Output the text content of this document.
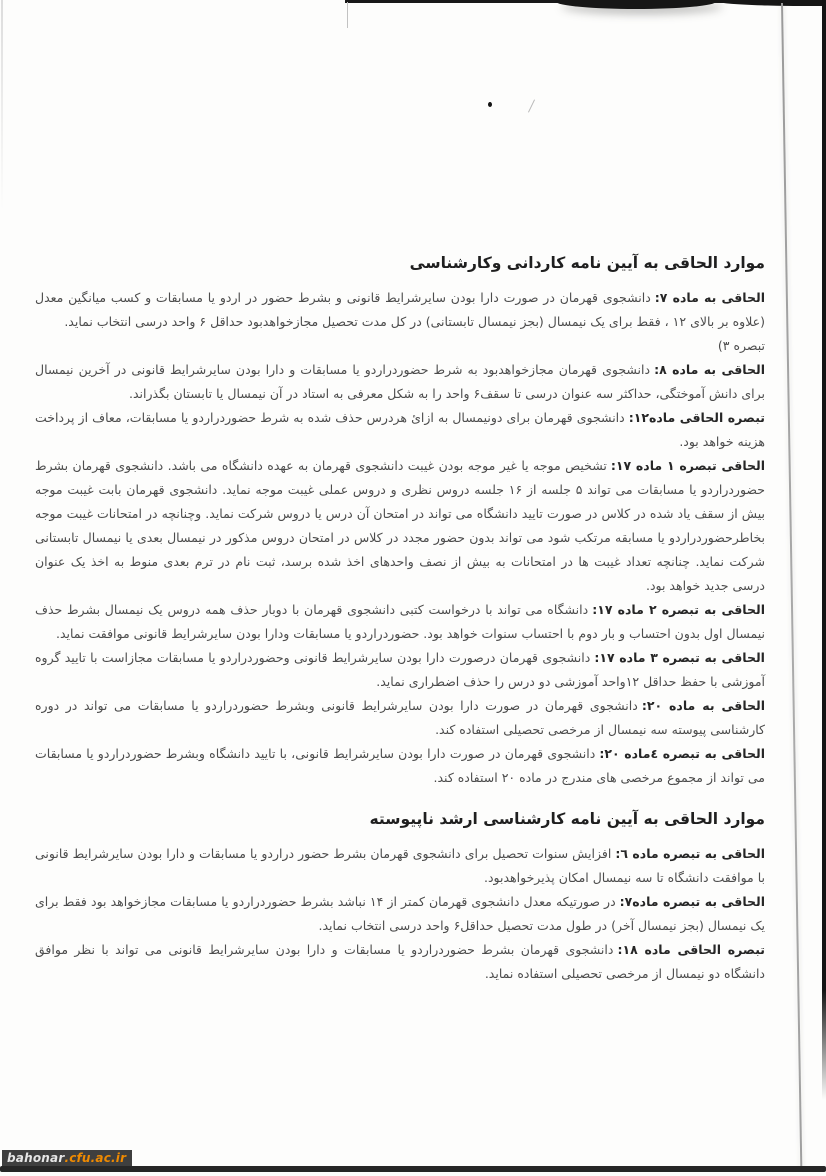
موارد الحاقی به آیین نامه کاردانی وکارشناسی

الحاقی به ماده ۷:دانشجوی قهرمان در صورت دارا بودن سایرشرایط قانونی و بشرط حضور در اردو یا مسابقات و کسب میانگین معدل (علاوه بر بالای ۱۲ ، فقط برای یک نیمسال (بجز نیمسال تابستانی) در کل مدت تحصیل مجازخواهدبود حداقل ۶ واحد درسی انتخاب نماید.

تبصره ۳)

الحاقی به ماده ۸:دانشجوی قهرمان مجازخواهدبود به شرط حضوردراردو یا مسابقات و دارا بودن سایرشرایط قانونی در آخرین نیمسال برای دانش آموختگی، حداکثر سه عنوان درسی تا سقف۶ واحد را به شکل معرفی به استاد در آن نیمسال یا تابستان بگذراند.

تبصره الحاقی ماده۱۲:دانشجوی قهرمان برای دونیمسال به ازائ هردرس حذف شده به شرط حضوردراردو یا مسابقات، معاف از پرداخت هزینه خواهد بود.

الحاقی تبصره ۱ ماده ۱۷:تشخیص موجه یا غیر موجه بودن غیبت دانشجوی قهرمان به عهده دانشگاه می باشد. دانشجوی قهرمان بشرط حضوردراردو یا مسابقات می تواند ۵ جلسه از ۱۶ جلسه دروس نظری و دروس عملی غیبت موجه نماید. دانشجوی قهرمان بابت غیبت موجه بیش از سقف یاد شده در کلاس در صورت تایید دانشگاه می تواند در امتحان آن درس یا دروس شرکت نماید. وچنانچه در امتحانات غیبت موجه بخاطرحضوردراردو یا مسابقه مرتکب شود می تواند بدون حضور مجدد در کلاس در امتحان دروس مذکور در نیمسال بعدی یا نیمسال تابستانی شرکت نماید. چنانچه تعداد غیبت ها در امتحانات به بیش از نصف واحدهای اخذ شده برسد، ثبت نام در ترم بعدی منوط به اخذ یک عنوان درسی جدید خواهد بود.

الحاقی به تبصره ۲ ماده ۱۷:دانشگاه می تواند با درخواست کتبی دانشجوی قهرمان با دوبار حذف همه دروس یک نیمسال بشرط حذف نیمسال اول بدون احتساب و بار دوم با احتساب سنوات خواهد بود. حضوردراردو یا مسابقات ودارا بودن سایرشرایط قانونی موافقت نماید.

الحاقی به تبصره ۳ ماده ۱۷:دانشجوی قهرمان درصورت دارا بودن سایرشرایط قانونی وحضوردراردو یا مسابقات مجازاست با تایید گروه آموزشی با حفظ حداقل ۱۲واحد آموزشی دو درس را حذف اضطراری نماید.

الحاقی به ماده ۲۰:دانشجوی قهرمان در صورت دارا بودن سایرشرایط قانونی وبشرط حضوردراردو یا مسابقات می تواند در دوره کارشناسی پیوسته سه نیمسال از مرخصی تحصیلی استفاده کند.

الحاقی به تبصره ٤ماده ۲۰:دانشجوی قهرمان در صورت دارا بودن سایرشرایط قانونی، با تایید دانشگاه وبشرط حضوردراردو یا مسابقات می تواند از مجموع مرخصی های مندرج در ماده ۲۰ استفاده کند.

موارد الحاقی به آیین نامه کارشناسی ارشد ناپیوسته

الحاقی به تبصره ماده ٦:افزایش سنوات تحصیل برای دانشجوی قهرمان بشرط حضور دراردو یا مسابقات و دارا بودن سایرشرایط قانونی با موافقت دانشگاه تا سه نیمسال امکان پذیرخواهدبود.

الحاقی به تبصره ماده۷:در صورتیکه معدل دانشجوی قهرمان کمتر از ۱۴ نباشد بشرط حضوردراردو یا مسابقات مجازخواهد بود فقط برای یک نیمسال (بجز نیمسال آخر) در طول مدت تحصیل حداقل۶ واحد درسی انتخاب نماید.

تبصره الحاقی ماده ۱۸:دانشجوی قهرمان بشرط حضوردراردو یا مسابقات و دارا بودن سایرشرایط قانونی می تواند با نظر موافق دانشگاه دو نیمسال از مرخصی تحصیلی استفاده نماید.

bahonar .cfu.ac.ir
